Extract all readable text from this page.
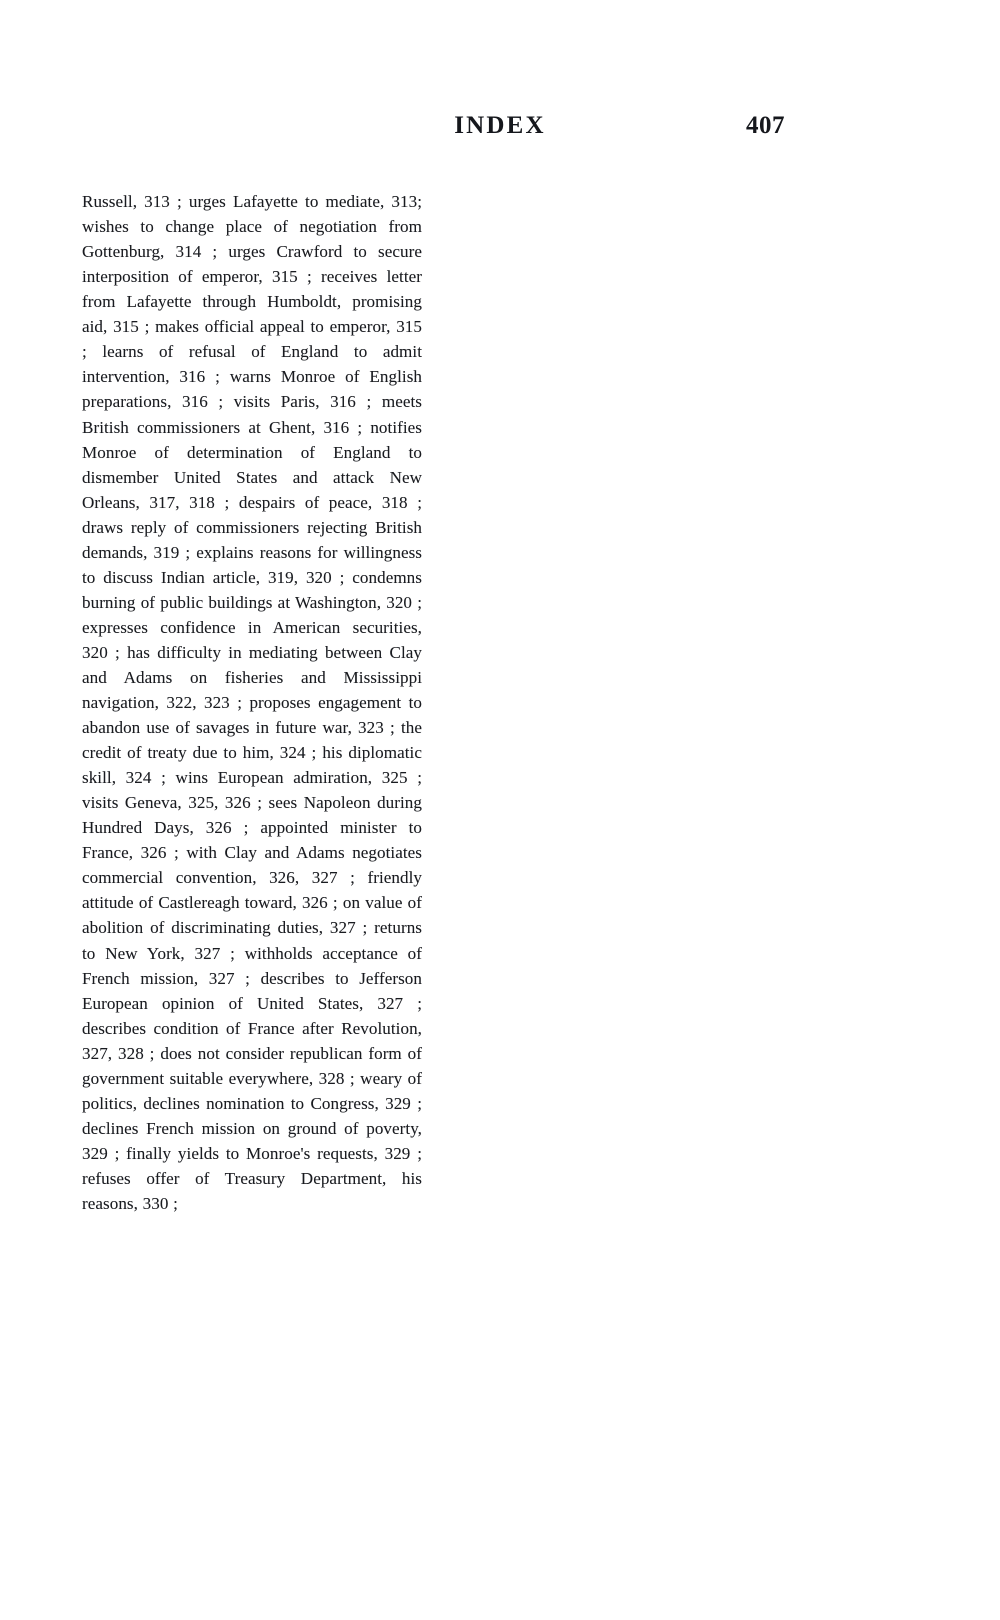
INDEX	407

Russell, 313 ; urges Lafayette to mediate, 313; wishes to change place of negotiation from Gottenburg, 314 ; urges Crawford to secure interposition of emperor, 315 ; receives letter from Lafayette through Humboldt, promising aid, 315 ; makes official appeal to emperor, 315 ; learns of refusal of England to admit intervention, 316 ; warns Monroe of English preparations, 316 ; visits Paris, 316 ; meets British commissioners at Ghent, 316 ; notifies Monroe of determination of England to dismember United States and attack New Orleans, 317, 318 ; despairs of peace, 318 ; draws reply of commissioners rejecting British demands, 319 ; explains reasons for willingness to discuss Indian article, 319, 320 ; condemns burning of public buildings at Washington, 320 ; expresses confidence in American securities, 320 ; has difficulty in mediating between Clay and Adams on fisheries and Mississippi navigation, 322, 323 ; proposes engagement to abandon use of savages in future war, 323 ; the credit of treaty due to him, 324 ; his diplomatic skill, 324 ; wins European admiration, 325 ; visits Geneva, 325, 326 ; sees Napoleon during Hundred Days, 326 ; appointed minister to France, 326 ; with Clay and Adams negotiates commercial convention, 326, 327 ; friendly attitude of Castlereagh toward, 326 ; on value of abolition of discriminating duties, 327 ; returns to New York, 327 ; withholds acceptance of French mission, 327 ; describes to Jefferson European opinion of United States, 327 ; describes condition of France after Revolution, 327, 328 ; does not consider republican form of government suitable everywhere, 328 ; weary of politics, declines nomination to Congress, 329 ; declines French mission on ground of poverty, 329 ; finally yields to Monroe's requests, 329 ; refuses offer of Treasury Department, his reasons, 330 ;
